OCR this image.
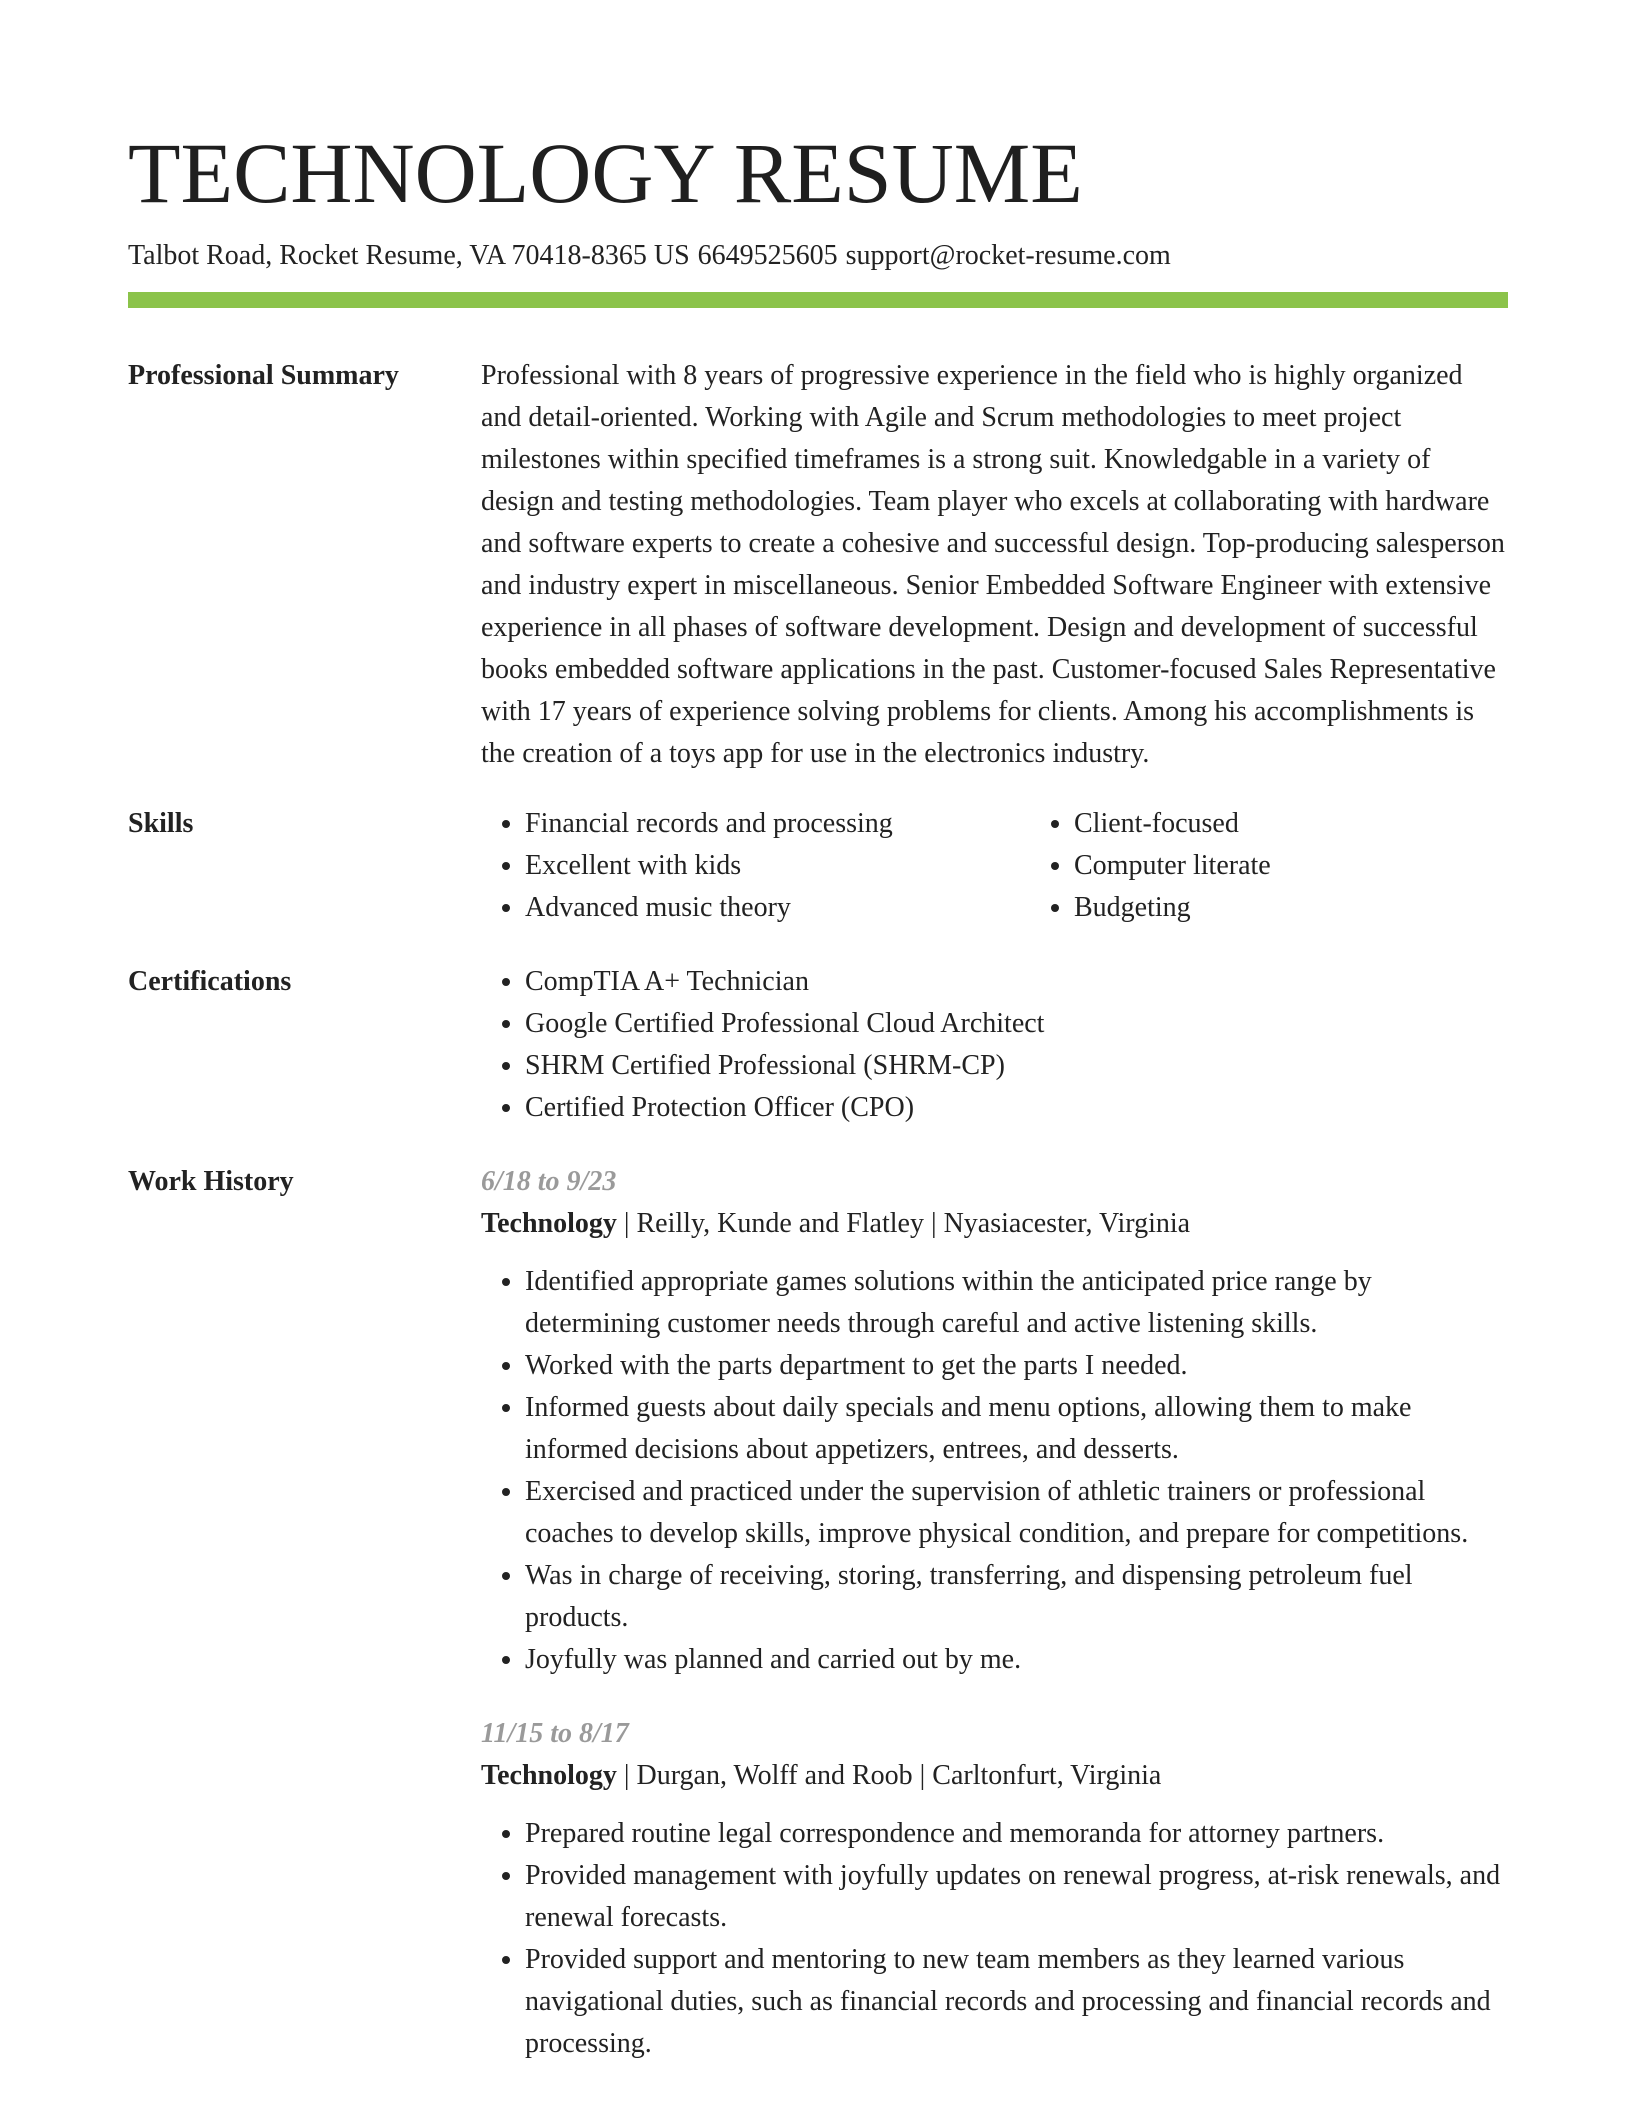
TECHNOLOGY RESUME
Talbot Road, Rocket Resume, VA 70418-8365 US 6649525605 support@rocket-resume.com
Professional Summary	Professional with 8 years of progressive experience in the field who is highly organized and detail-oriented. Working with Agile and Scrum methodologies to meet project milestones within specified timeframes is a strong suit. Knowledgable in a variety of design and testing methodologies. Team player who excels at collaborating with hardware and software experts to create a cohesive and successful design. Top-producing salesperson and industry expert in miscellaneous. Senior Embedded Software Engineer with extensive experience in all phases of software development. Design and development of successful books embedded software applications in the past. Customer-focused Sales Representative with 17 years of experience solving problems for clients. Among his accomplishments is the creation of a toys app for use in the electronics industry.

Skills	• Financial records and processing
• Excellent with kids
• Advanced music theory
• Client-focused
• Computer literate
• Budgeting
Certifications	• CompTIA A+ Technician
• Google Certified Professional Cloud Architect
• SHRM Certified Professional (SHRM-CP)
• Certified Protection Officer (CPO)
Work History	6/18 to 9/23
Technology | Reilly, Kunde and Flatley | Nyasiacester, Virginia
• Identified appropriate games solutions within the anticipated price range by determining customer needs through careful and active listening skills.
• Worked with the parts department to get the parts I needed.
• Informed guests about daily specials and menu options, allowing them to make informed decisions about appetizers, entrees, and desserts.
• Exercised and practiced under the supervision of athletic trainers or professional coaches to develop skills, improve physical condition, and prepare for competitions.
• Was in charge of receiving, storing, transferring, and dispensing petroleum fuel products.
• Joyfully was planned and carried out by me.
11/15 to 8/17
Technology | Durgan, Wolff and Roob | Carltonfurt, Virginia
• Prepared routine legal correspondence and memoranda for attorney partners.
• Provided management with joyfully updates on renewal progress, at-risk renewals, and renewal forecasts.
• Provided support and mentoring to new team members as they learned various navigational duties, such as financial records and processing and financial records and processing.
